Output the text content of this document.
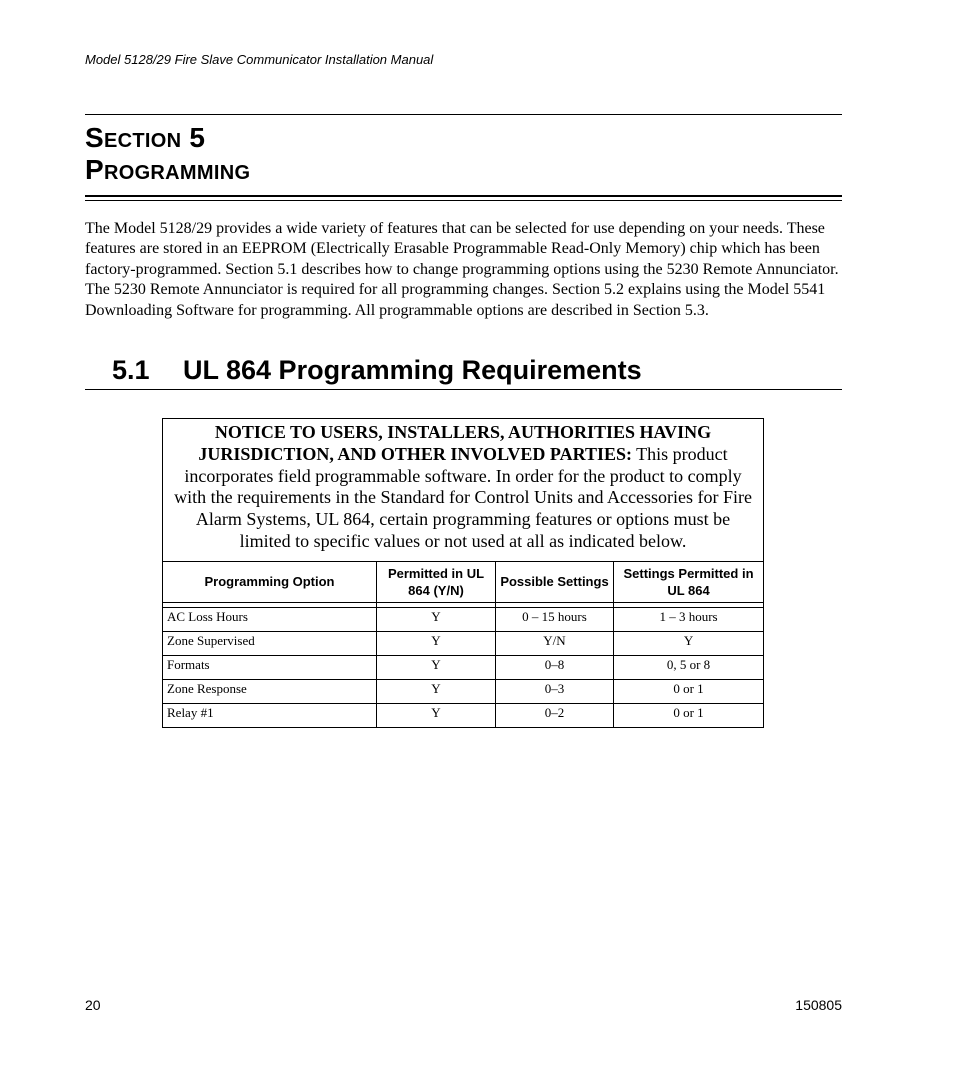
Model 5128/29 Fire Slave Communicator Installation Manual
Section 5
Programming

The Model 5128/29 provides a wide variety of features that can be selected for use depending on your needs. These features are stored in an EEPROM (Electrically Erasable Programmable Read-Only Memory) chip which has been factory-programmed. Section 5.1 describes how to change programming options using the 5230 Remote Annunciator. The 5230 Remote Annunciator is required for all programming changes. Section 5.2 explains using the Model 5541 Downloading Software for programming. All programmable options are described in Section 5.3.

5.1 UL 864 Programming Requirements
NOTICE TO USERS, INSTALLERS, AUTHORITIES HAVING JURISDICTION, AND OTHER INVOLVED PARTIES: This product incorporates field programmable software. In order for the product to comply with the requirements in the Standard for Control Units and Accessories for Fire Alarm Systems, UL 864, certain programming features or options must be limited to specific values or not used at all as indicated below.			
Programming Option	Permitted in UL 864 (Y/N)	Possible Settings	Settings Permitted in UL 864

AC Loss Hours	Y	0 – 15 hours	1 – 3 hours
Zone Supervised	Y	Y/N	Y
Formats	Y	0–8	0, 5 or 8
Zone Response	Y	0–3	0 or 1
Relay #1	Y	0–2	0 or 1
20	150805
